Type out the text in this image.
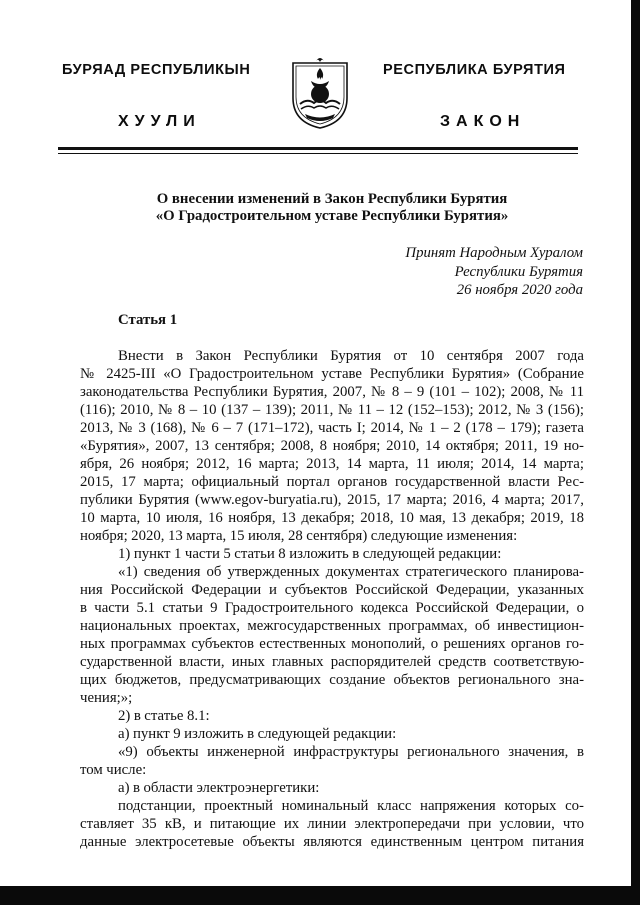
БУРЯАД РЕСПУБЛИКЫН	РЕСПУБЛИКА БУРЯТИЯ
ХУУЛИ	ЗАКОН
О внесении изменений в Закон Республики Бурятия
«О Градостроительном уставе Республики Бурятия»
Принят Народным Хуралом
Республики Бурятия
26 ноября 2020 года
Статья 1
Внести в Закон Республики Бурятия от 10 сентября 2007 года
№ 2425-III «О Градостроительном уставе Республики Бурятия» (Собрание
законодательства Республики Бурятия, 2007, № 8 – 9 (101 – 102); 2008, № 11
(116); 2010, № 8 – 10 (137 – 139); 2011, № 11 – 12 (152–153); 2012, № 3 (156);
2013, № 3 (168), № 6 – 7 (171–172), часть I; 2014, № 1 – 2 (178 – 179); газета
«Бурятия», 2007, 13 сентября; 2008, 8 ноября; 2010, 14 октября; 2011, 19 но-
ября, 26 ноября; 2012, 16 марта; 2013, 14 марта, 11 июля; 2014, 14 марта;
2015, 17 марта; официальный портал органов государственной власти Рес-
публики Бурятия (www.egov-buryatia.ru), 2015, 17 марта; 2016, 4 марта; 2017,
10 марта, 10 июля, 16 ноября, 13 декабря; 2018, 10 мая, 13 декабря; 2019, 18
ноября; 2020, 13 марта, 15 июля, 28 сентября) следующие изменения:
1) пункт 1 части 5 статьи 8 изложить в следующей редакции:
«1) сведения об утвержденных документах стратегического планирова-
ния Российской Федерации и субъектов Российской Федерации, указанных
в части 5.1 статьи 9 Градостроительного кодекса Российской Федерации, о
национальных проектах, межгосударственных программах, об инвестицион-
ных программах субъектов естественных монополий, о решениях органов го-
сударственной власти, иных главных распорядителей средств соответствую-
щих бюджетов, предусматривающих создание объектов регионального зна-
чения;»;
2) в статье 8.1:
а) пункт 9 изложить в следующей редакции:
«9) объекты инженерной инфраструктуры регионального значения, в
том числе:
а) в области электроэнергетики:
подстанции, проектный номинальный класс напряжения которых со-
ставляет 35 кВ, и питающие их линии электропередачи при условии, что
данные электросетевые объекты являются единственным центром питания
